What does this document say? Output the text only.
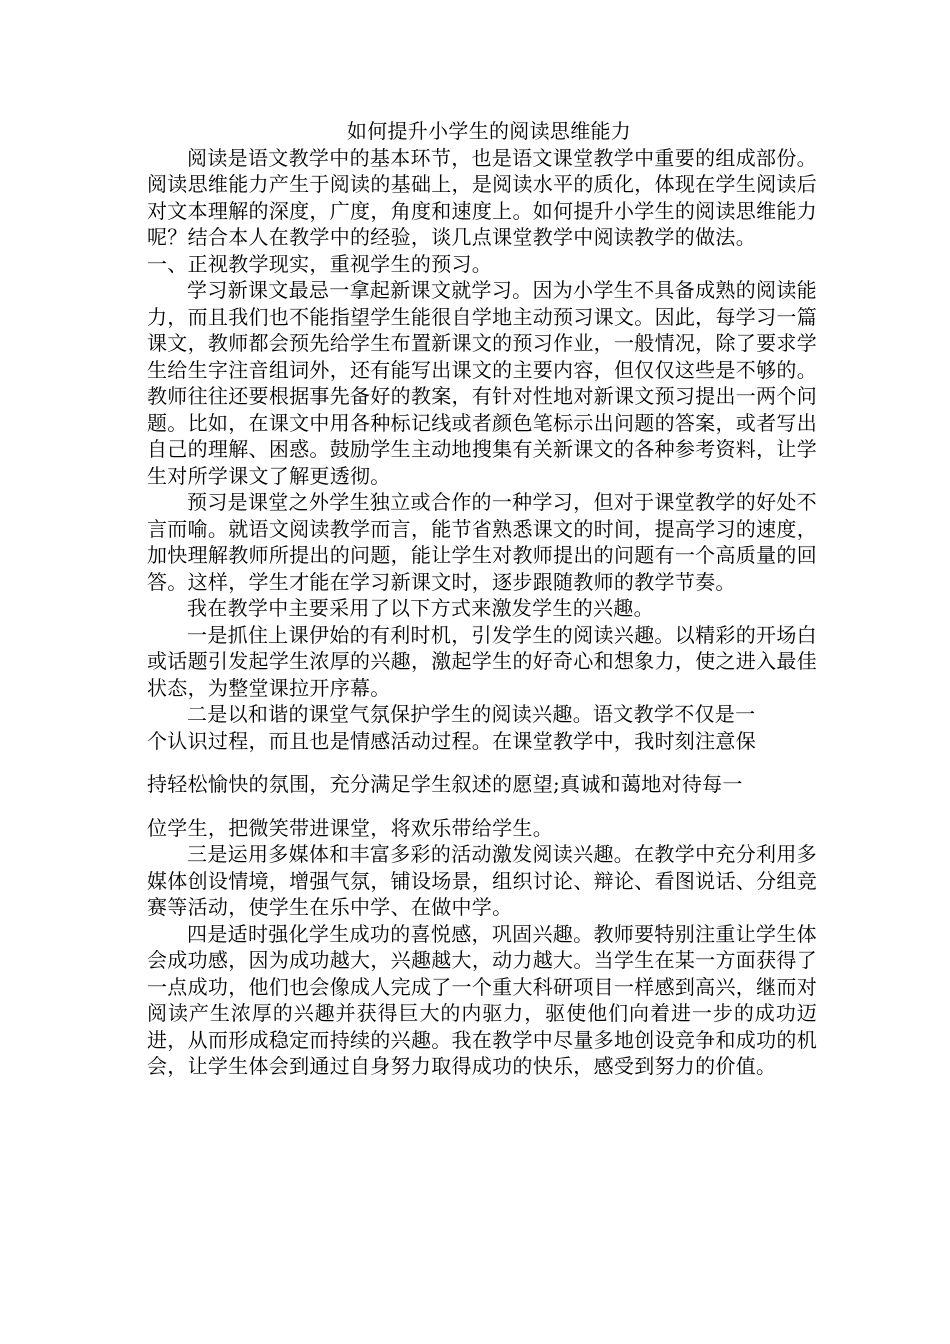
如何提升小学生的阅读思维能力

阅读是语文教学中的基本环节，也是语文课堂教学中重要的组成部份。阅读思维能力产生于阅读的基础上，是阅读水平的质化，体现在学生阅读后对文本理解的深度，广度，角度和速度上。如何提升小学生的阅读思维能力呢？结合本人在教学中的经验，谈几点课堂教学中阅读教学的做法。

一、正视教学现实，重视学生的预习。

学习新课文最忌一拿起新课文就学习。因为小学生不具备成熟的阅读能力，而且我们也不能指望学生能很自学地主动预习课文。因此，每学习一篇课文，教师都会预先给学生布置新课文的预习作业，一般情况，除了要求学生给生字注音组词外，还有能写出课文的主要内容，但仅仅这些是不够的。教师往往还要根据事先备好的教案，有针对性地对新课文预习提出一两个问题。比如，在课文中用各种标记线或者颜色笔标示出问题的答案，或者写出自己的理解、困惑。鼓励学生主动地搜集有关新课文的各种参考资料，让学生对所学课文了解更透彻。

预习是课堂之外学生独立或合作的一种学习，但对于课堂教学的好处不言而喻。就语文阅读教学而言，能节省熟悉课文的时间，提高学习的速度，加快理解教师所提出的问题，能让学生对教师提出的问题有一个高质量的回答。这样，学生才能在学习新课文时，逐步跟随教师的教学节奏。

我在教学中主要采用了以下方式来激发学生的兴趣。

一是抓住上课伊始的有利时机，引发学生的阅读兴趣。以精彩的开场白或话题引发起学生浓厚的兴趣，激起学生的好奇心和想象力，使之进入最佳状态，为整堂课拉开序幕。

二是以和谐的课堂气氛保护学生的阅读兴趣。语文教学不仅是一

个认识过程，而且也是情感活动过程。在课堂教学中，我时刻注意保

持轻松愉快的氛围，充分满足学生叙述的愿望;真诚和蔼地对待每一

位学生，把微笑带进课堂，将欢乐带给学生。

三是运用多媒体和丰富多彩的活动激发阅读兴趣。在教学中充分利用多媒体创设情境，增强气氛，铺设场景，组织讨论、辩论、看图说话、分组竞赛等活动，使学生在乐中学、在做中学。

四是适时强化学生成功的喜悦感，巩固兴趣。教师要特别注重让学生体会成功感，因为成功越大，兴趣越大，动力越大。当学生在某一方面获得了一点成功，他们也会像成人完成了一个重大科研项目一样感到高兴，继而对阅读产生浓厚的兴趣并获得巨大的内驱力，驱使他们向着进一步的成功迈进，从而形成稳定而持续的兴趣。我在教学中尽量多地创设竞争和成功的机会，让学生体会到通过自身努力取得成功的快乐，感受到努力的价值。
